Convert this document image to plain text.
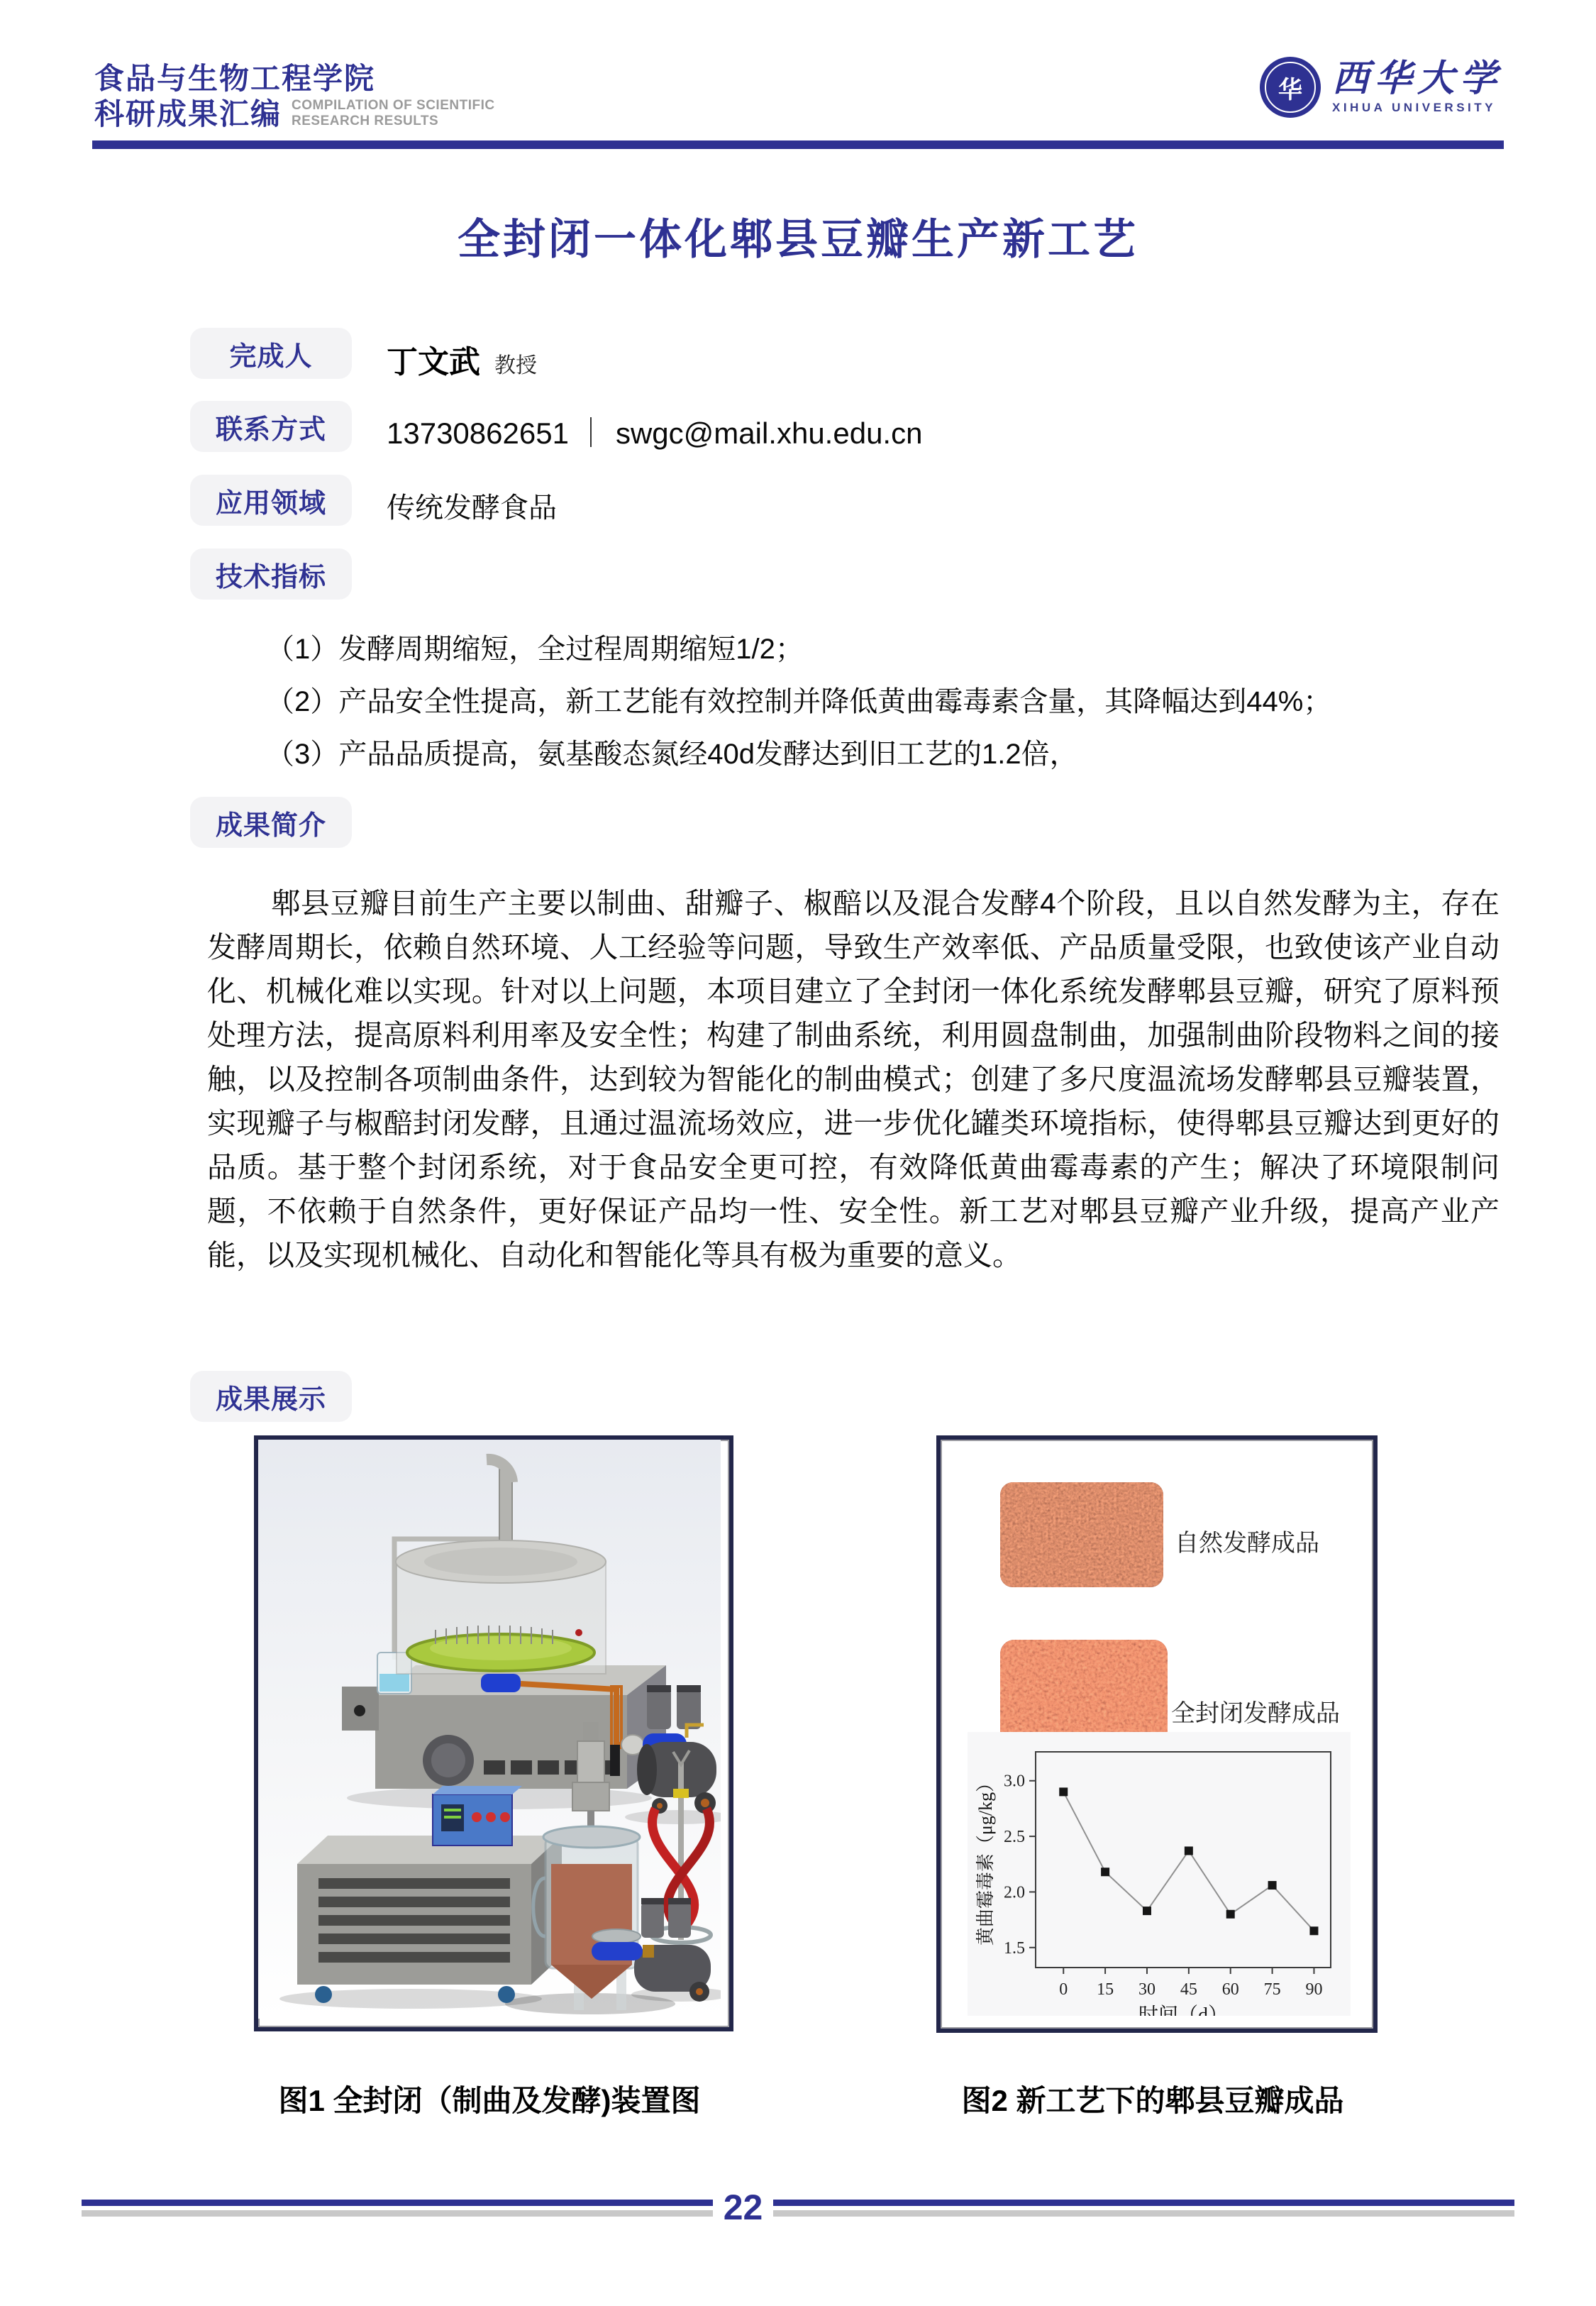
食品与生物工程学院
科研成果汇编 COMPILATION OF SCIENTIFIC
RESEARCH RESULTS
华 西华大学
XIHUA UNIVERSITY
全封闭一体化郫县豆瓣生产新工艺
完成人	丁文武 教授
联系方式	13730862651 ｜ swgc@mail.xhu.edu.cn
应用领域	传统发酵食品
技术指标
（1）发酵周期缩短，全过程周期缩短1/2；
（2）产品安全性提高，新工艺能有效控制并降低黄曲霉毒素含量，其降幅达到44%；
（3）产品品质提高，氨基酸态氮经40d发酵达到旧工艺的1.2倍，
成果简介
郫县豆瓣目前生产主要以制曲、甜瓣子、椒醅以及混合发酵4个阶段，且以自然发酵为主，存在发酵周期长，依赖自然环境、人工经验等问题，导致生产效率低、产品质量受限，也致使该产业自动化、机械化难以实现。针对以上问题，本项目建立了全封闭一体化系统发酵郫县豆瓣，研究了原料预处理方法，提高原料利用率及安全性；构建了制曲系统，利用圆盘制曲，加强制曲阶段物料之间的接触，以及控制各项制曲条件，达到较为智能化的制曲模式；创建了多尺度温流场发酵郫县豆瓣装置，实现瓣子与椒醅封闭发酵，且通过温流场效应，进一步优化罐类环境指标，使得郫县豆瓣达到更好的品质。基于整个封闭系统，对于食品安全更可控，有效降低黄曲霉毒素的产生；解决了环境限制问题，不依赖于自然条件，更好保证产品均一性、安全性。新工艺对郫县豆瓣产业升级，提高产业产能，以及实现机械化、自动化和智能化等具有极为重要的意义。
成果展示
自然发酵成品
全封闭发酵成品
1.5
2.0
2.5
3.0
0 15 30 45 60 75 90
时间（d）
黄曲霉毒素（μg/kg）
图1 全封闭（制曲及发酵)装置图	图2 新工艺下的郫县豆瓣成品
22
